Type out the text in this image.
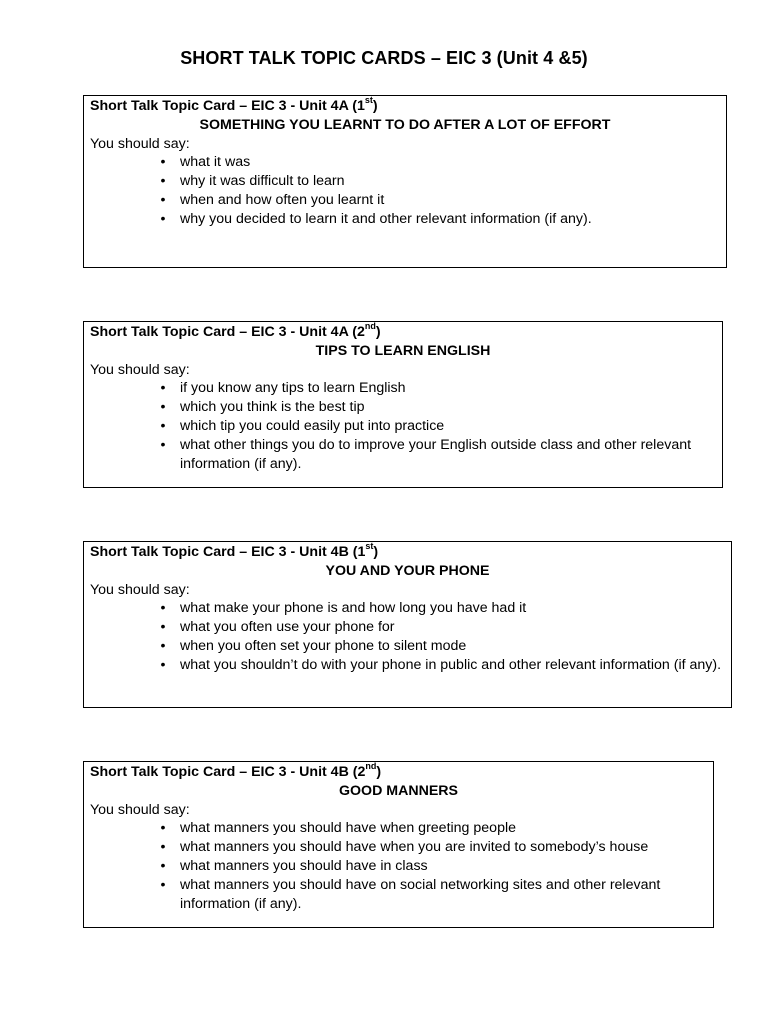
SHORT TALK TOPIC CARDS – EIC 3 (Unit 4 &5)
Short Talk Topic Card – EIC 3 - Unit 4A (1st)
SOMETHING YOU LEARNT TO DO AFTER A LOT OF EFFORT
You should say:
• what it was
• why it was difficult to learn
• when and how often you learnt it
• why you decided to learn it and other relevant information (if any).
Short Talk Topic Card – EIC 3 - Unit 4A (2nd)
TIPS TO LEARN ENGLISH
You should say:
• if you know any tips to learn English
• which you think is the best tip
• which tip you could easily put into practice
• what other things you do to improve your English outside class and other relevant information (if any).
Short Talk Topic Card – EIC 3 - Unit 4B (1st)
YOU AND YOUR PHONE
You should say:
• what make your phone is and how long you have had it
• what you often use your phone for
• when you often set your phone to silent mode
• what you shouldn’t do with your phone in public and other relevant information (if any).
Short Talk Topic Card – EIC 3 - Unit 4B (2nd)
GOOD MANNERS
You should say:
• what manners you should have when greeting people
• what manners you should have when you are invited to somebody’s house
• what manners you should have in class
• what manners you should have on social networking sites and other relevant information (if any).
